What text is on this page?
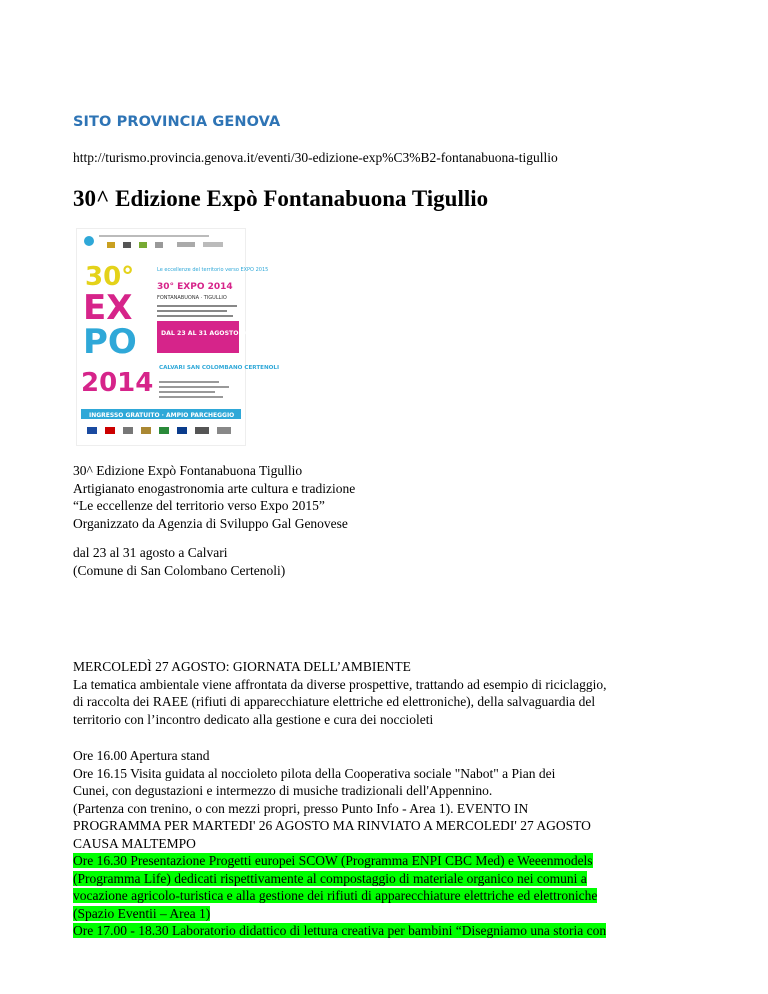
SITO PROVINCIA GENOVA
http://turismo.provincia.genova.it/eventi/30-edizione-exp%C3%B2-fontanabuona-tigullio
30^ Edizione Expò Fontanabuona Tigullio
30°
EX
PO
2014
Le eccellenze del territorio verso EXPO 2015
30° EXPO 2014
FONTANABUONA · TIGULLIO
DAL 23 AL 31 AGOSTO 2014
CALVARI SAN COLOMBANO CERTENOLI
INGRESSO GRATUITO · AMPIO PARCHEGGIO
30^ Edizione Expò Fontanabuona Tigullio
Artigianato enogastronomia arte cultura e tradizione
“Le eccellenze del territorio verso Expo 2015”
Organizzato da Agenzia di Sviluppo Gal Genovese
dal 23 al 31 agosto a Calvari
(Comune di San Colombano Certenoli)
MERCOLEDÌ 27 AGOSTO: GIORNATA DELL’AMBIENTE
La tematica ambientale viene affrontata da diverse prospettive, trattando ad esempio di riciclaggio,
di raccolta dei RAEE (rifiuti di apparecchiature elettriche ed elettroniche), della salvaguardia del
territorio con l’incontro dedicato alla gestione e cura dei noccioleti
Ore 16.00 Apertura stand
Ore 16.15 Visita guidata al noccioleto pilota della Cooperativa sociale "Nabot" a Pian dei
Cunei, con degustazioni e intermezzo di musiche tradizionali dell'Appennino.
(Partenza con trenino, o con mezzi propri, presso Punto Info - Area 1). EVENTO IN
PROGRAMMA PER MARTEDI' 26 AGOSTO MA RINVIATO A MERCOLEDI' 27 AGOSTO
CAUSA MALTEMPO
Ore 16.30 Presentazione Progetti europei SCOW (Programma ENPI CBC Med) e Weeenmodels
(Programma Life) dedicati rispettivamente al compostaggio di materiale organico nei comuni a
vocazione agricolo-turistica e alla gestione dei rifiuti di apparecchiature elettriche ed elettroniche
(Spazio Eventii – Area 1)
Ore 17.00 - 18.30 Laboratorio didattico di lettura creativa per bambini “Disegniamo una storia con
